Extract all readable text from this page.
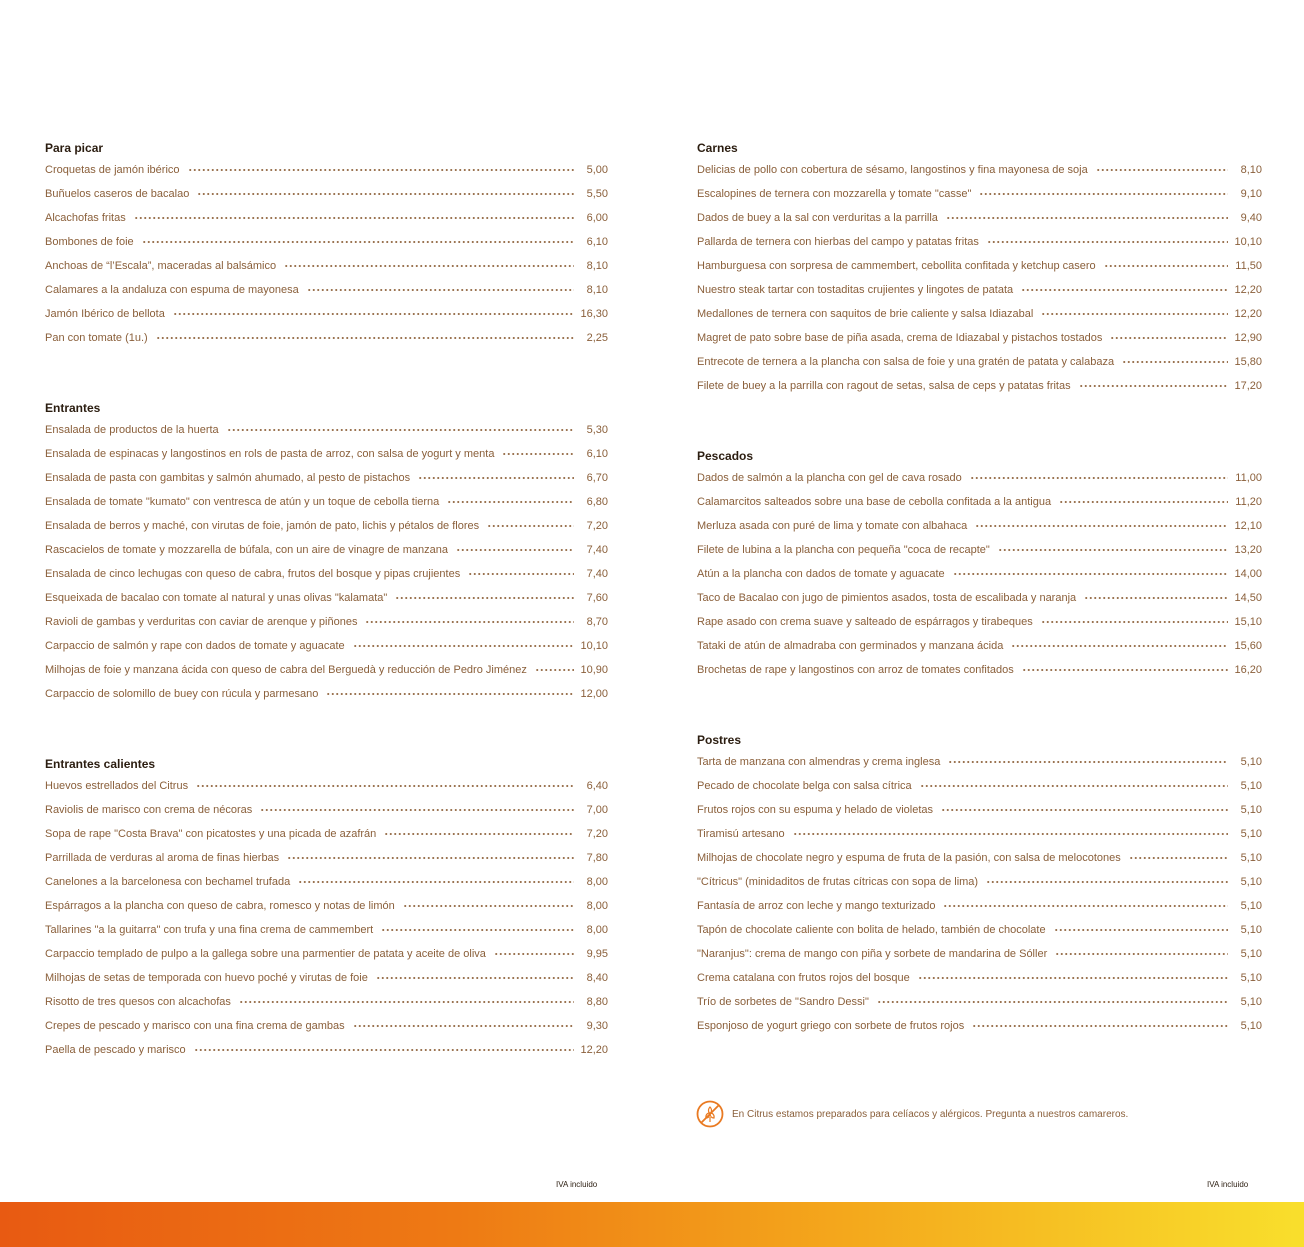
Para picar
Croquetas de jamón ibérico	5,00
Buñuelos caseros de bacalao	5,50
Alcachofas fritas	6,00
Bombones de foie	6,10
Anchoas de “l’Escala”, maceradas al balsámico	8,10
Calamares a la andaluza con espuma de mayonesa	8,10
Jamón Ibérico de bellota	16,30
Pan con tomate (1u.)	2,25
Entrantes
Ensalada de productos de la huerta	5,30
Ensalada de espinacas y langostinos en rols de pasta de arroz, con salsa de yogurt y menta	6,10
Ensalada de pasta con gambitas y salmón ahumado, al pesto de pistachos	6,70
Ensalada de tomate "kumato" con ventresca de atún y un toque de cebolla tierna	6,80
Ensalada de berros y maché, con virutas de foie, jamón de pato, lichis y pétalos de flores	7,20
Rascacielos de tomate y mozzarella de búfala, con un aire de vinagre de manzana	7,40
Ensalada de cinco lechugas con queso de cabra, frutos del bosque y pipas crujientes	7,40
Esqueixada de bacalao con tomate al natural y unas olivas "kalamata"	7,60
Ravioli de gambas y verduritas con caviar de arenque y piñones	8,70
Carpaccio de salmón y rape con dados de tomate y aguacate	10,10
Milhojas de foie y manzana ácida con queso de cabra del Berguedà y reducción de Pedro Jiménez	10,90
Carpaccio de solomillo de buey con rúcula y parmesano	12,00
Entrantes calientes
Huevos estrellados del Citrus	6,40
Raviolis de marisco con crema de nécoras	7,00
Sopa de rape "Costa Brava" con picatostes y una picada de azafrán	7,20
Parrillada de verduras al aroma de finas hierbas	7,80
Canelones a la barcelonesa con bechamel trufada	8,00
Espárragos a la plancha con queso de cabra, romesco y notas de limón	8,00
Tallarines "a la guitarra" con trufa y una fina crema de cammembert	8,00
Carpaccio templado de pulpo a la gallega sobre una parmentier de patata y aceite de oliva	9,95
Milhojas de setas de temporada con huevo poché y virutas de foie	8,40
Risotto de tres quesos con alcachofas	8,80
Crepes de pescado y marisco con una fina crema de gambas	9,30
Paella de pescado y marisco	12,20
Carnes
Delicias de pollo con cobertura de sésamo, langostinos y fina mayonesa de soja	8,10
Escalopines de ternera con mozzarella y tomate "casse"	9,10
Dados de buey a la sal con verduritas a la parrilla	9,40
Pallarda de ternera con hierbas del campo y patatas fritas	10,10
Hamburguesa con sorpresa de cammembert, cebollita confitada y ketchup casero	11,50
Nuestro steak tartar con tostaditas crujientes y lingotes de patata	12,20
Medallones de ternera con saquitos de brie caliente y salsa Idiazabal	12,20
Magret de pato sobre base de piña asada, crema de Idiazabal y pistachos tostados	12,90
Entrecote de ternera a la plancha con salsa de foie y una gratén de patata y calabaza	15,80
Filete de buey a la parrilla con ragout de setas, salsa de ceps y patatas fritas	17,20
Pescados
Dados de salmón a la plancha con gel de cava rosado	11,00
Calamarcitos salteados sobre una base de cebolla confitada a la antigua	11,20
Merluza asada con puré de lima y tomate con albahaca	12,10
Filete de lubina a la plancha con pequeña "coca de recapte"	13,20
Atún a la plancha con dados de tomate y aguacate	14,00
Taco de Bacalao con jugo de pimientos asados, tosta de escalibada y naranja	14,50
Rape asado con crema suave y salteado de espárragos y tirabeques	15,10
Tataki de atún de almadraba con germinados y manzana ácida	15,60
Brochetas de rape y langostinos con arroz de tomates confitados	16,20
Postres
Tarta de manzana con almendras y crema inglesa	5,10
Pecado de chocolate belga con salsa cítrica	5,10
Frutos rojos con su espuma y helado de violetas	5,10
Tiramisú artesano	5,10
Milhojas de chocolate negro y espuma de fruta de la pasión, con salsa de melocotones	5,10
"Cítricus" (minidaditos de frutas cítricas con sopa de lima)	5,10
Fantasía de arroz con leche y mango texturizado	5,10
Tapón de chocolate caliente con bolita de helado, también de chocolate	5,10
"Naranjus": crema de mango con piña y sorbete de mandarina de Sóller	5,10
Crema catalana con frutos rojos del bosque	5,10
Trío de sorbetes de "Sandro Dessi"	5,10
Esponjoso de yogurt griego con sorbete de frutos rojos	5,10
En Citrus estamos preparados para celíacos y alérgicos. Pregunta a nuestros camareros.
IVA incluido	IVA incluido
